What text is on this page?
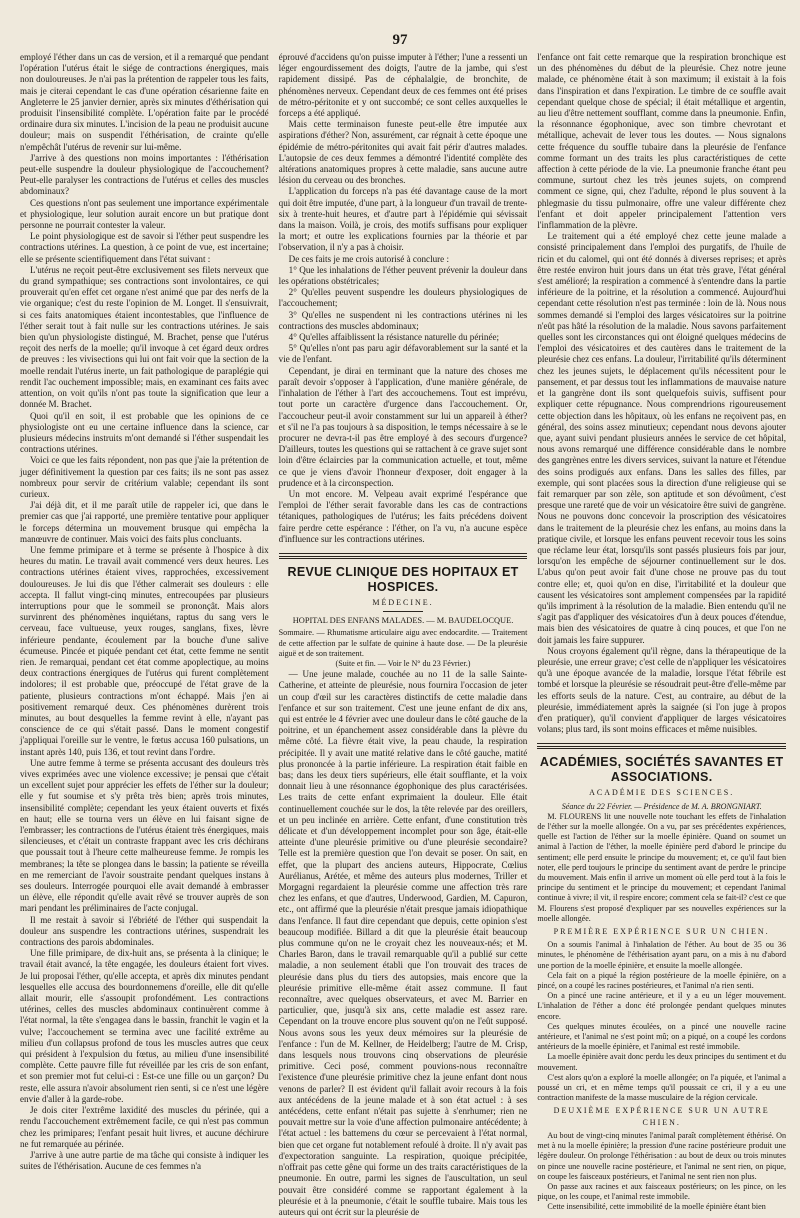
97

employé l'éther dans un cas de version, et il a remarqué que pendant l'opération l'utérus était le siége de contractions énergiques, mais non douloureuses. Je n'ai pas la prétention de rappeler tous les faits, mais je citerai cependant le cas d'une opération césarienne faite en Angleterre le 25 janvier dernier, après six minutes d'éthérisation qui produisit l'insensibilité complète. L'opération faite par le procédé ordinaire dura six minutes. L'incision de la peau ne produisit aucune douleur; mais on suspendit l'éthérisation, de crainte qu'elle n'empêchât l'utérus de revenir sur lui-même.

J'arrive à des questions non moins importantes : l'éthérisation peut-elle suspendre la douleur physiologique de l'accouchement? Peut-elle paralyser les contractions de l'utérus et celles des muscles abdominaux?

Ces questions n'ont pas seulement une importance expérimentale et physiologique, leur solution aurait encore un but pratique dont personne ne pourrait contester la valeur.

Le point physiologique est de savoir si l'éther peut suspendre les contractions utérines. La question, à ce point de vue, est incertaine; elle se présente scientifiquement dans l'état suivant :

L'utérus ne reçoit peut-être exclusivement ses filets nerveux que du grand sympathique; ses contractions sont involontaires, ce qui prouverait qu'en effet cet organe n'est animé que par des nerfs de la vie organique; c'est du reste l'opinion de M. Longet. Il s'ensuivrait, si ces faits anatomiques étaient incontestables, que l'influence de l'éther serait tout à fait nulle sur les contractions utérines. Je sais bien qu'un physiologiste distingué, M. Brachet, pense que l'utérus reçoit des nerfs de la moelle; qu'il invoque à cet égard deux ordres de preuves : les vivisections qui lui ont fait voir que la section de la moelle rendait l'utérus inerte, un fait pathologique de paraplégie qui rendit l'ac ouchement impossible; mais, en examinant ces faits avec attention, on voit qu'ils n'ont pas toute la signification que leur a donnée M. Brachet.

Quoi qu'il en soit, il est probable que les opinions de ce physiologiste ont eu une certaine influence dans la science, car plusieurs médecins instruits m'ont demandé si l'éther suspendait les contractions utérines.

Voici ce que les faits répondent, non pas que j'aie la prétention de juger définitivement la question par ces faits; ils ne sont pas assez nombreux pour servir de critérium valable; cependant ils sont curieux.

J'ai déjà dit, et il me paraît utile de rappeler ici, que dans le premier cas que j'ai rapporté, une première tentative pour appliquer le forceps détermina un mouvement brusque qui empêcha la manœuvre de continuer. Mais voici des faits plus concluants.

Une femme primipare et à terme se présente à l'hospice à dix heures du matin. Le travail avait commencé vers deux heures. Les contractions utérines étaient vives, rapprochées, excessivement douloureuses. Je lui dis que l'éther calmerait ses douleurs : elle accepta. Il fallut vingt-cinq minutes, entrecoupées par plusieurs interruptions pour que le sommeil se prononçât. Mais alors survinrent des phénomènes inquiétans, raptus du sang vers le cerveau, face vultueuse, yeux rouges, sanglans, fixes, lèvre inférieure pendante, écoulement par la bouche d'une salive écumeuse. Pincée et piquée pendant cet état, cette femme ne sentit rien. Je remarquai, pendant cet état comme apoplectique, au moins deux contractions énergiques de l'utérus qui furent complètement indolores; il est probable que, préoccupé de l'état grave de la patiente, plusieurs contractions m'ont échappé. Mais j'en ai positivement remarqué deux. Ces phénomènes durèrent trois minutes, au bout desquelles la femme revint à elle, n'ayant pas conscience de ce qui s'était passé. Dans le moment congestif j'appliquai l'oreille sur le ventre, le fœtus accusa 160 pulsations, un instant après 140, puis 136, et tout revint dans l'ordre.

Une autre femme à terme se présenta accusant des douleurs très vives exprimées avec une violence excessive; je pensai que c'était un excellent sujet pour apprécier les effets de l'éther sur la douleur; elle y fut soumise et s'y prêta très bien; après trois minutes, insensibilité complète; cependant les yeux étaient ouverts et fixés en haut; elle se tourna vers un élève en lui faisant signe de l'embrasser; les contractions de l'utérus étaient très énergiques, mais silencieuses, et c'était un contraste frappant avec les cris déchirans que poussait tout à l'heure cette malheureuse femme. Je rompis les membranes; la tête se plongea dans le bassin; la patiente se réveilla en me remerciant de l'avoir soustraite pendant quelques instans à ses douleurs. Interrogée pourquoi elle avait demandé à embrasser un élève, elle répondit qu'elle avait rêvé se trouver auprès de son mari pendant les préliminaires de l'acte conjugal.

Il me restait à savoir si l'ébriété de l'éther qui suspendait la douleur ans suspendre les contractions utérines, suspendrait les contractions des parois abdominales.

Une fille primipare, de dix-huit ans, se présenta à la clinique; le travail était avancé, la tête engagée, les douleurs étaient fort vives. Je lui proposai l'éther, qu'elle accepta, et après dix minutes pendant lesquelles elle accusa des bourdonnemens d'oreille, elle dit qu'elle allait mourir, elle s'assoupit profondément. Les contractions utérines, celles des muscles abdominaux continuèrent comme à l'état normal, la tête s'engagea dans le bassin, franchit le vagin et la vulve; l'accouchement se termina avec une facilité extrême au milieu d'un collapsus profond de tous les muscles autres que ceux qui président à l'expulsion du fœtus, au milieu d'une insensibilité complète. Cette pauvre fille fut réveillée par les cris de son enfant, et son premier mot fut celui-ci : Est-ce une fille ou un garçon? Du reste, elle assura n'avoir absolument rien senti, si ce n'est une légère envie d'aller à la garde-robe.

Je dois citer l'extrême laxidité des muscles du périnée, qui a rendu l'accouchement extrêmement facile, ce qui n'est pas commun chez les primipares; l'enfant pesait huit livres, et aucune déchirure ne fut remarquée au périnée.

J'arrive à une autre partie de ma tâche qui consiste à indiquer les suites de l'éthérisation. Aucune de ces femmes n'a

éprouvé d'accidens qu'on puisse imputer à l'éther; l'une a ressenti un léger engourdissement des doigts, l'autre de la jambe, qui s'est rapidement dissipé. Pas de céphalalgie, de bronchite, de phénomènes nerveux. Cependant deux de ces femmes ont été prises de métro-péritonite et y ont succombé; ce sont celles auxquelles le forceps a été appliqué.

Mais cette terminaison funeste peut-elle être imputée aux aspirations d'éther? Non, assurément, car régnait à cette époque une épidémie de métro-péritonites qui avait fait périr d'autres malades. L'autopsie de ces deux femmes a démontré l'identité complète des altérations anatomiques propres à cette maladie, sans aucune autre lésion du cerveau ou des bronches.

L'application du forceps n'a pas été davantage cause de la mort qui doit être imputée, d'une part, à la longueur d'un travail de trente-six à trente-huit heures, et d'autre part à l'épidémie qui sévissait dans la maison. Voilà, je crois, des motifs suffisans pour expliquer la mort; et outre les explications fournies par la théorie et par l'observation, il n'y a pas à choisir.

De ces faits je me crois autorisé à conclure :

1° Que les inhalations de l'éther peuvent prévenir la douleur dans les opérations obstétricales;

2° Qu'elles peuvent suspendre les douleurs physiologiques de l'accouchement;

3° Qu'elles ne suspendent ni les contractions utérines ni les contractions des muscles abdominaux;

4° Qu'elles affaiblissent la résistance naturelle du périnée;

5° Qu'elles n'ont pas paru agir défavorablement sur la santé et la vie de l'enfant.

Cependant, je dirai en terminant que la nature des choses me paraît devoir s'opposer à l'application, d'une manière générale, de l'inhalation de l'éther à l'art des accouchemens. Tout est imprévu, tout porte un caractère d'urgence dans l'accouchement. Or, l'accoucheur peut-il avoir constamment sur lui un appareil à éther? et s'il ne l'a pas toujours à sa disposition, le temps nécessaire à se le procurer ne devra-t-il pas être employé à des secours d'urgence? D'ailleurs, toutes les questions qui se rattachent à ce grave sujet sont loin d'être éclaircies par la communication actuelle, et tout, même ce que je viens d'avoir l'honneur d'exposer, doit engager à la prudence et à la circonspection.

Un mot encore. M. Velpeau avait exprimé l'espérance que l'emploi de l'éther serait favorable dans les cas de contractions tétaniques, pathologiques de l'utérus; les faits précédens doivent faire perdre cette espérance : l'éther, on l'a vu, n'a aucune espèce d'influence sur les contractions utérines.

REVUE CLINIQUE DES HOPITAUX ET HOSPICES.
MÉDECINE.
HOPITAL DES ENFANS MALADES. — M. BAUDELOCQUE.

Sommaire. — Rhumatisme articulaire aigu avec endocardite. — Traitement de cette affection par le sulfate de quinine à haute dose. — De la pleurésie aiguë et de son traitement.

(Suite et fin. — Voir le N° du 23 Février.)

— Une jeune malade, couchée au no 11 de la salle Sainte-Catherine, et atteinte de pleurésie, nous fournira l'occasion de jeter un coup d'œil sur les caractères distinctifs de cette maladie dans l'enfance et sur son traitement. C'est une jeune enfant de dix ans, qui est entrée le 4 février avec une douleur dans le côté gauche de la poitrine, et un épanchement assez considérable dans la plèvre du même côté. La fièvre était vive, la peau chaude, la respiration précipitée. Il y avait une matité relative dans le côté gauche, matité plus prononcée à la partie inférieure. La respiration était faible en bas; dans les deux tiers supérieurs, elle était soufflante, et la voix donnait lieu à une résonnance égophonique des plus caractérisées. Les traits de cette enfant exprimaient la douleur. Elle était continuellement couchée sur le dos, la tête relevée par des oreillers, et un peu inclinée en arrière. Cette enfant, d'une constitution très délicate et d'un développement incomplet pour son âge, était-elle atteinte d'une pleurésie primitive ou d'une pleurésie secondaire? Telle est la première question que l'on devait se poser. On sait, en effet, que la plupart des anciens auteurs, Hippocrate, Cœlius Aurélianus, Arétée, et même des auteurs plus modernes, Triller et Morgagni regardaient la pleurésie comme une affection très rare chez les enfans, et que d'autres, Underwood, Gardien, M. Capuron, etc., ont affirmé que la pleurésie n'était presque jamais idiopathique dans l'enfance. Il faut dire cependant que depuis, cette opinion s'est beaucoup modifiée. Billard a dit que la pleurésie était beaucoup plus commune qu'on ne le croyait chez les nouveaux-nés; et M. Charles Baron, dans le travail remarquable qu'il a publié sur cette maladie, a non seulement établi que l'on trouvait des traces de pleurésie dans plus du tiers des autopsies, mais encore que la pleurésie primitive elle-même était assez commune. Il faut reconnaître, avec quelques observateurs, et avec M. Barrier en particulier, que, jusqu'à six ans, cette maladie est assez rare. Cependant on la trouve encore plus souvent qu'on ne l'eût supposé. Nous avons sous les yeux deux mémoires sur la pleurésie de l'enfance : l'un de M. Kellner, de Heidelberg; l'autre de M. Crisp, dans lesquels nous trouvons cinq observations de pleurésie primitive. Ceci posé, comment pouvions-nous reconnaître l'existence d'une pleurésie primitive chez la jeune enfant dont nous venons de parler? Il est évident qu'il fallait avoir recours à la fois aux antécédens de la jeune malade et à son état actuel : à ses antécédens, cette enfant n'était pas sujette à s'enrhumer; rien ne pouvait mettre sur la voie d'une affection pulmonaire antécédente; à l'état actuel : les battemens du cœur se percevaient à l'état normal, bien que cet organe fut notablement refoulé à droite. Il n'y avait pas d'expectoration sanguinte. La respiration, quoique précipitée, n'offrait pas cette gêne qui forme un des traits caractéristiques de la pneumonie. En outre, parmi les signes de l'auscultation, un seul pouvait être considéré comme se rapportant également à la pleurésie et à la pneumonie, c'était le souffle tubaire. Mais tous les auteurs qui ont écrit sur la pleurésie de

l'enfance ont fait cette remarque que la respiration bronchique est un des phénomènes du début de la pleurésie. Chez notre jeune malade, ce phénomène était à son maximum; il existait à la fois dans l'inspiration et dans l'expiration. Le timbre de ce souffle avait cependant quelque chose de spécial; il était métallique et argentin, au lieu d'être nettement soufflant, comme dans la pneumonie. Enfin, la résonnance égophonique, avec son timbre chevrotant et métallique, achevait de lever tous les doutes. — Nous signalons cette fréquence du souffle tubaire dans la pleurésie de l'enfance comme formant un des traits les plus caractéristiques de cette affection à cette période de la vie. La pneumonie franche étant peu commune, surtout chez les très jeunes sujets, on comprend comment ce signe, qui, chez l'adulte, répond le plus souvent à la phlegmasie du tissu pulmonaire, offre une valeur différente chez l'enfant et doit appeler principalement l'attention vers l'inflammation de la plèvre.

Le traitement qui a été employé chez cette jeune malade a consisté principalement dans l'emploi des purgatifs, de l'huile de ricin et du calomel, qui ont été donnés à diverses reprises; et après être restée environ huit jours dans un état très grave, l'état général s'est amélioré; la respiration a commencé à s'entendre dans la partie inférieure de la poitrine, et la résolution a commencé. Aujourd'hui cependant cette résolution n'est pas terminée : loin de là. Nous nous sommes demandé si l'emploi des larges vésicatoires sur la poitrine n'eût pas hâté la résolution de la maladie. Nous savons parfaitement quelles sont les circonstances qui ont éloigné quelques médecins de l'emploi des vésicatoires et des cautères dans le traitement de la pleurésie chez ces enfans. La douleur, l'irritabilité qu'ils déterminent chez les jeunes sujets, le déplacement qu'ils nécessitent pour le pansement, et par dessus tout les inflammations de mauvaise nature et la gangrène dont ils sont quelquefois suivis, suffisent pour expliquer cette répugnance. Nous comprendrions rigoureusement cette objection dans les hôpitaux, où les enfans ne reçoivent pas, en général, des soins assez minutieux; cependant nous devons ajouter que, ayant suivi pendant plusieurs années le service de cet hôpital, nous avons remarqué une différence considérable dans le nombre des gangrènes entre les divers services, suivant la nature et l'étendue des soins prodigués aux enfans. Dans les salles des filles, par exemple, qui sont placées sous la direction d'une religieuse qui se fait remarquer par son zèle, son aptitude et son dévoûment, c'est presque une rareté que de voir un vésicatoire être suivi de gangrène. Nous ne pouvons donc concevoir la proscription des vésicatoires dans le traitement de la pleurésie chez les enfans, au moins dans la pratique civile, et lorsque les enfans peuvent recevoir tous les soins que réclame leur état, lorsqu'ils sont passés plusieurs fois par jour, lorsqu'on les empêche de séjourner continuellement sur le dos. L'abus qu'on peut avoir fait d'une chose ne prouve pas du tout contre elle; et, quoi qu'on en dise, l'irritabilité et la douleur que causent les vésicatoires sont amplement compensées par la rapidité qu'ils impriment à la résolution de la maladie. Bien entendu qu'il ne s'agit pas d'appliquer des vésicatoires d'un à deux pouces d'étendue, mais bien des vésicatoires de quatre à cinq pouces, et que l'on ne doit jamais les faire suppurer.

Nous croyons également qu'il règne, dans la thérapeutique de la pleurésie, une erreur grave; c'est celle de n'appliquer les vésicatoires qu'à une époque avancée de la maladie, lorsque l'état fébrile est tombé et lorsque la pleurésie se résoudrait peut-être d'elle-même par les efforts seuls de la nature. C'est, au contraire, au début de la pleurésie, immédiatement après la saignée (si l'on juge à propos d'en pratiquer), qu'il convient d'appliquer de larges vésicatoires volans; plus tard, ils sont moins efficaces et même nuisibles.

ACADÉMIES, SOCIÉTÉS SAVANTES ET ASSOCIATIONS.
ACADÉMIE DES SCIENCES.
Séance du 22 Février. — Présidence de M. A. BRONGNIART.

M. FLOURENS lit une nouvelle note touchant les effets de l'inhalation de l'éther sur la moelle allongée. On a vu, par ses précédentes expériences, quelle est l'action de l'éther sur la moelle épinière. Quand on soumet un animal à l'action de l'éther, la moelle épinière perd d'abord le principe du sentiment; elle perd ensuite le principe du mouvement; et, ce qu'il faut bien noter, elle perd toujours le principe du sentiment avant de perdre le principe du mouvement. Mais enfin il arrive un moment où elle perd tout à la fois le principe du sentiment et le principe du mouvement; et cependant l'animal continue à vivre; il vit, il respire encore; comment cela se fait-il? c'est ce que M. Flourens s'est proposé d'expliquer par ses nouvelles expériences sur la moelle allongée.

PREMIÈRE EXPÉRIENCE SUR UN CHIEN.

On a soumis l'animal à l'inhalation de l'éther. Au bout de 35 ou 36 minutes, le phénomène de l'éthérisation ayant paru, on a mis à nu d'abord une portion de la moelle épinière, et ensuite la moelle allongée.

Cela fait on a piqué la région postérieure de la moelle épinière, on a pincé, on a coupé les racines postérieures, et l'animal n'a rien senti.

On a pincé une racine antérieure, et il y a eu un léger mouvement. L'inhalation de l'éther a donc été prolongée pendant quelques minutes encore.

Ces quelques minutes écoulées, on a pincé une nouvelle racine antérieure, et l'animal ne s'est point mû; on a piqué, on a coupé les cordons antérieurs de la moelle épinière, et l'animal est resté immobile.

La moelle épinière avait donc perdu les deux principes du sentiment et du mouvement.

C'est alors qu'on a exploré la moelle allongée; on l'a piquée, et l'animal a poussé un cri, et en même temps qu'il poussait ce cri, il y a eu une contraction manifeste de la masse musculaire de la région cervicale.

DEUXIÈME EXPÉRIENCE SUR UN AUTRE CHIEN.

Au bout de vingt-cinq minutes l'animal paraît complètement éthérisé. On met à nu la moelle épinière; la pression d'une racine postérieure produit une légère douleur. On prolonge l'éthérisation : au bout de deux ou trois minutes on pince une nouvelle racine postérieure, et l'animal ne sent rien, on pique, on coupe les faisceaux postérieurs, et l'animal ne sent rien non plus.

On passe aux racines et aux faisceaux postérieurs; on les pince, on les pique, on les coupe, et l'animal reste immobile.

Cette insensibilité, cette immobilité de la moelle épinière étant bien
